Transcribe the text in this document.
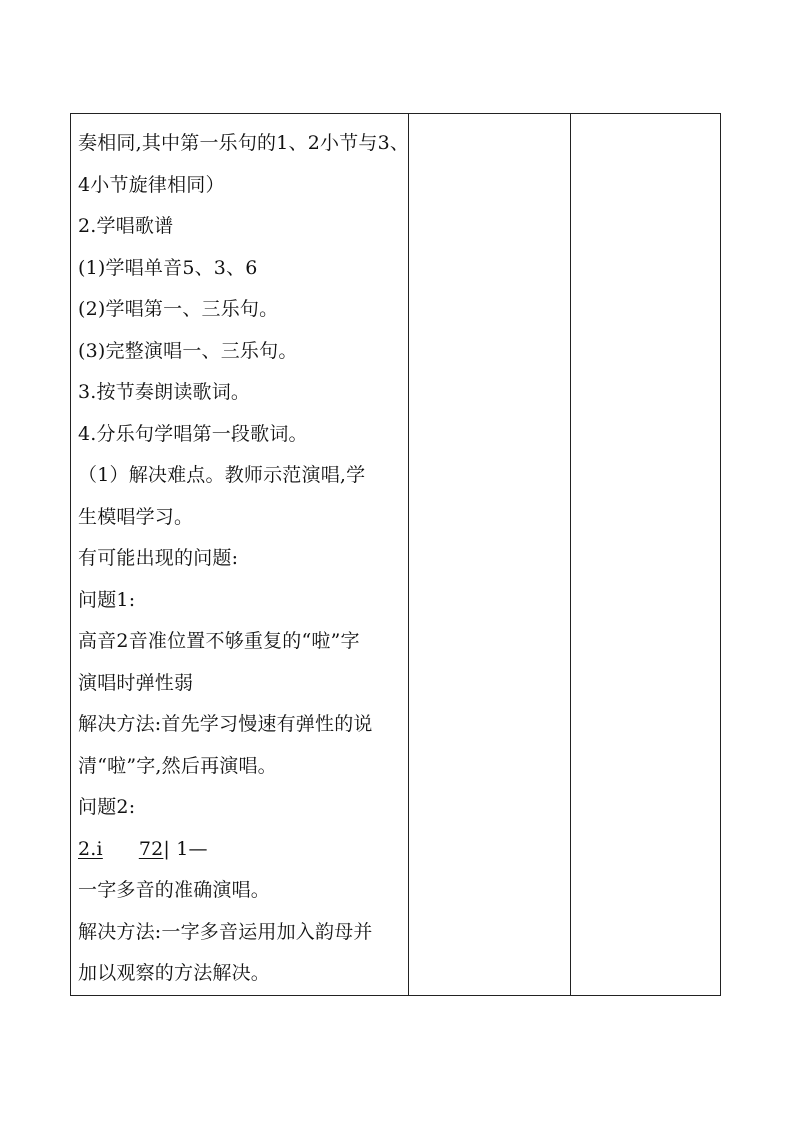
奏相同,其中第一乐句的1、2小节与3、
4小节旋律相同）
2.学唱歌谱
(1)学唱单音5、3、6
(2)学唱第一、三乐句。
(3)完整演唱一、三乐句。
3.按节奏朗读歌词。
4.分乐句学唱第一段歌词。
（1）解决难点。教师示范演唱,学
生模唱学习。
有可能出现的问题:
问题1:
高音2音准位置不够重复的“啦”字
演唱时弹性弱
解决方法:首先学习慢速有弹性的说
清“啦”字,然后再演唱。
问题2:
2.i 72| 1—
一字多音的准确演唱。
解决方法:一字多音运用加入韵母并
加以观察的方法解决。
